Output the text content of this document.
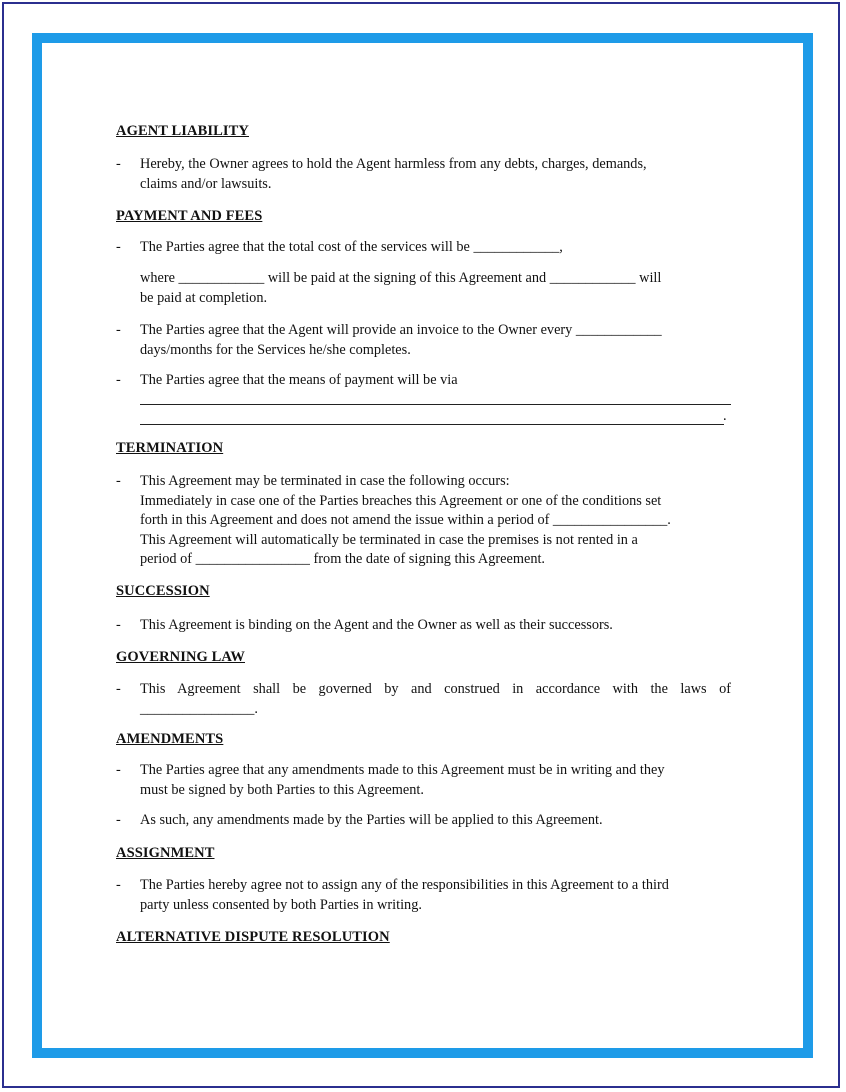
AGENT LIABILITY
- Hereby, the Owner agrees to hold the Agent harmless from any debts, charges, demands,
claims and/or lawsuits.
PAYMENT AND FEES
- The Parties agree that the total cost of the services will be ____________,
where ____________ will be paid at the signing of this Agreement and ____________ will
be paid at completion.
- The Parties agree that the Agent will provide an invoice to the Owner every ____________
days/months for the Services he/she completes.
- The Parties agree that the means of payment will be via
.
TERMINATION
- This Agreement may be terminated in case the following occurs:
Immediately in case one of the Parties breaches this Agreement or one of the conditions set
forth in this Agreement and does not amend the issue within a period of ________________.
This Agreement will automatically be terminated in case the premises is not rented in a
period of ________________ from the date of signing this Agreement.
SUCCESSION
- This Agreement is binding on the Agent and the Owner as well as their successors.
GOVERNING LAW
- This Agreement shall be governed by and construed in accordance with the laws of
________________.
AMENDMENTS
- The Parties agree that any amendments made to this Agreement must be in writing and they
must be signed by both Parties to this Agreement.
- As such, any amendments made by the Parties will be applied to this Agreement.
ASSIGNMENT
- The Parties hereby agree not to assign any of the responsibilities in this Agreement to a third
party unless consented by both Parties in writing.
ALTERNATIVE DISPUTE RESOLUTION
